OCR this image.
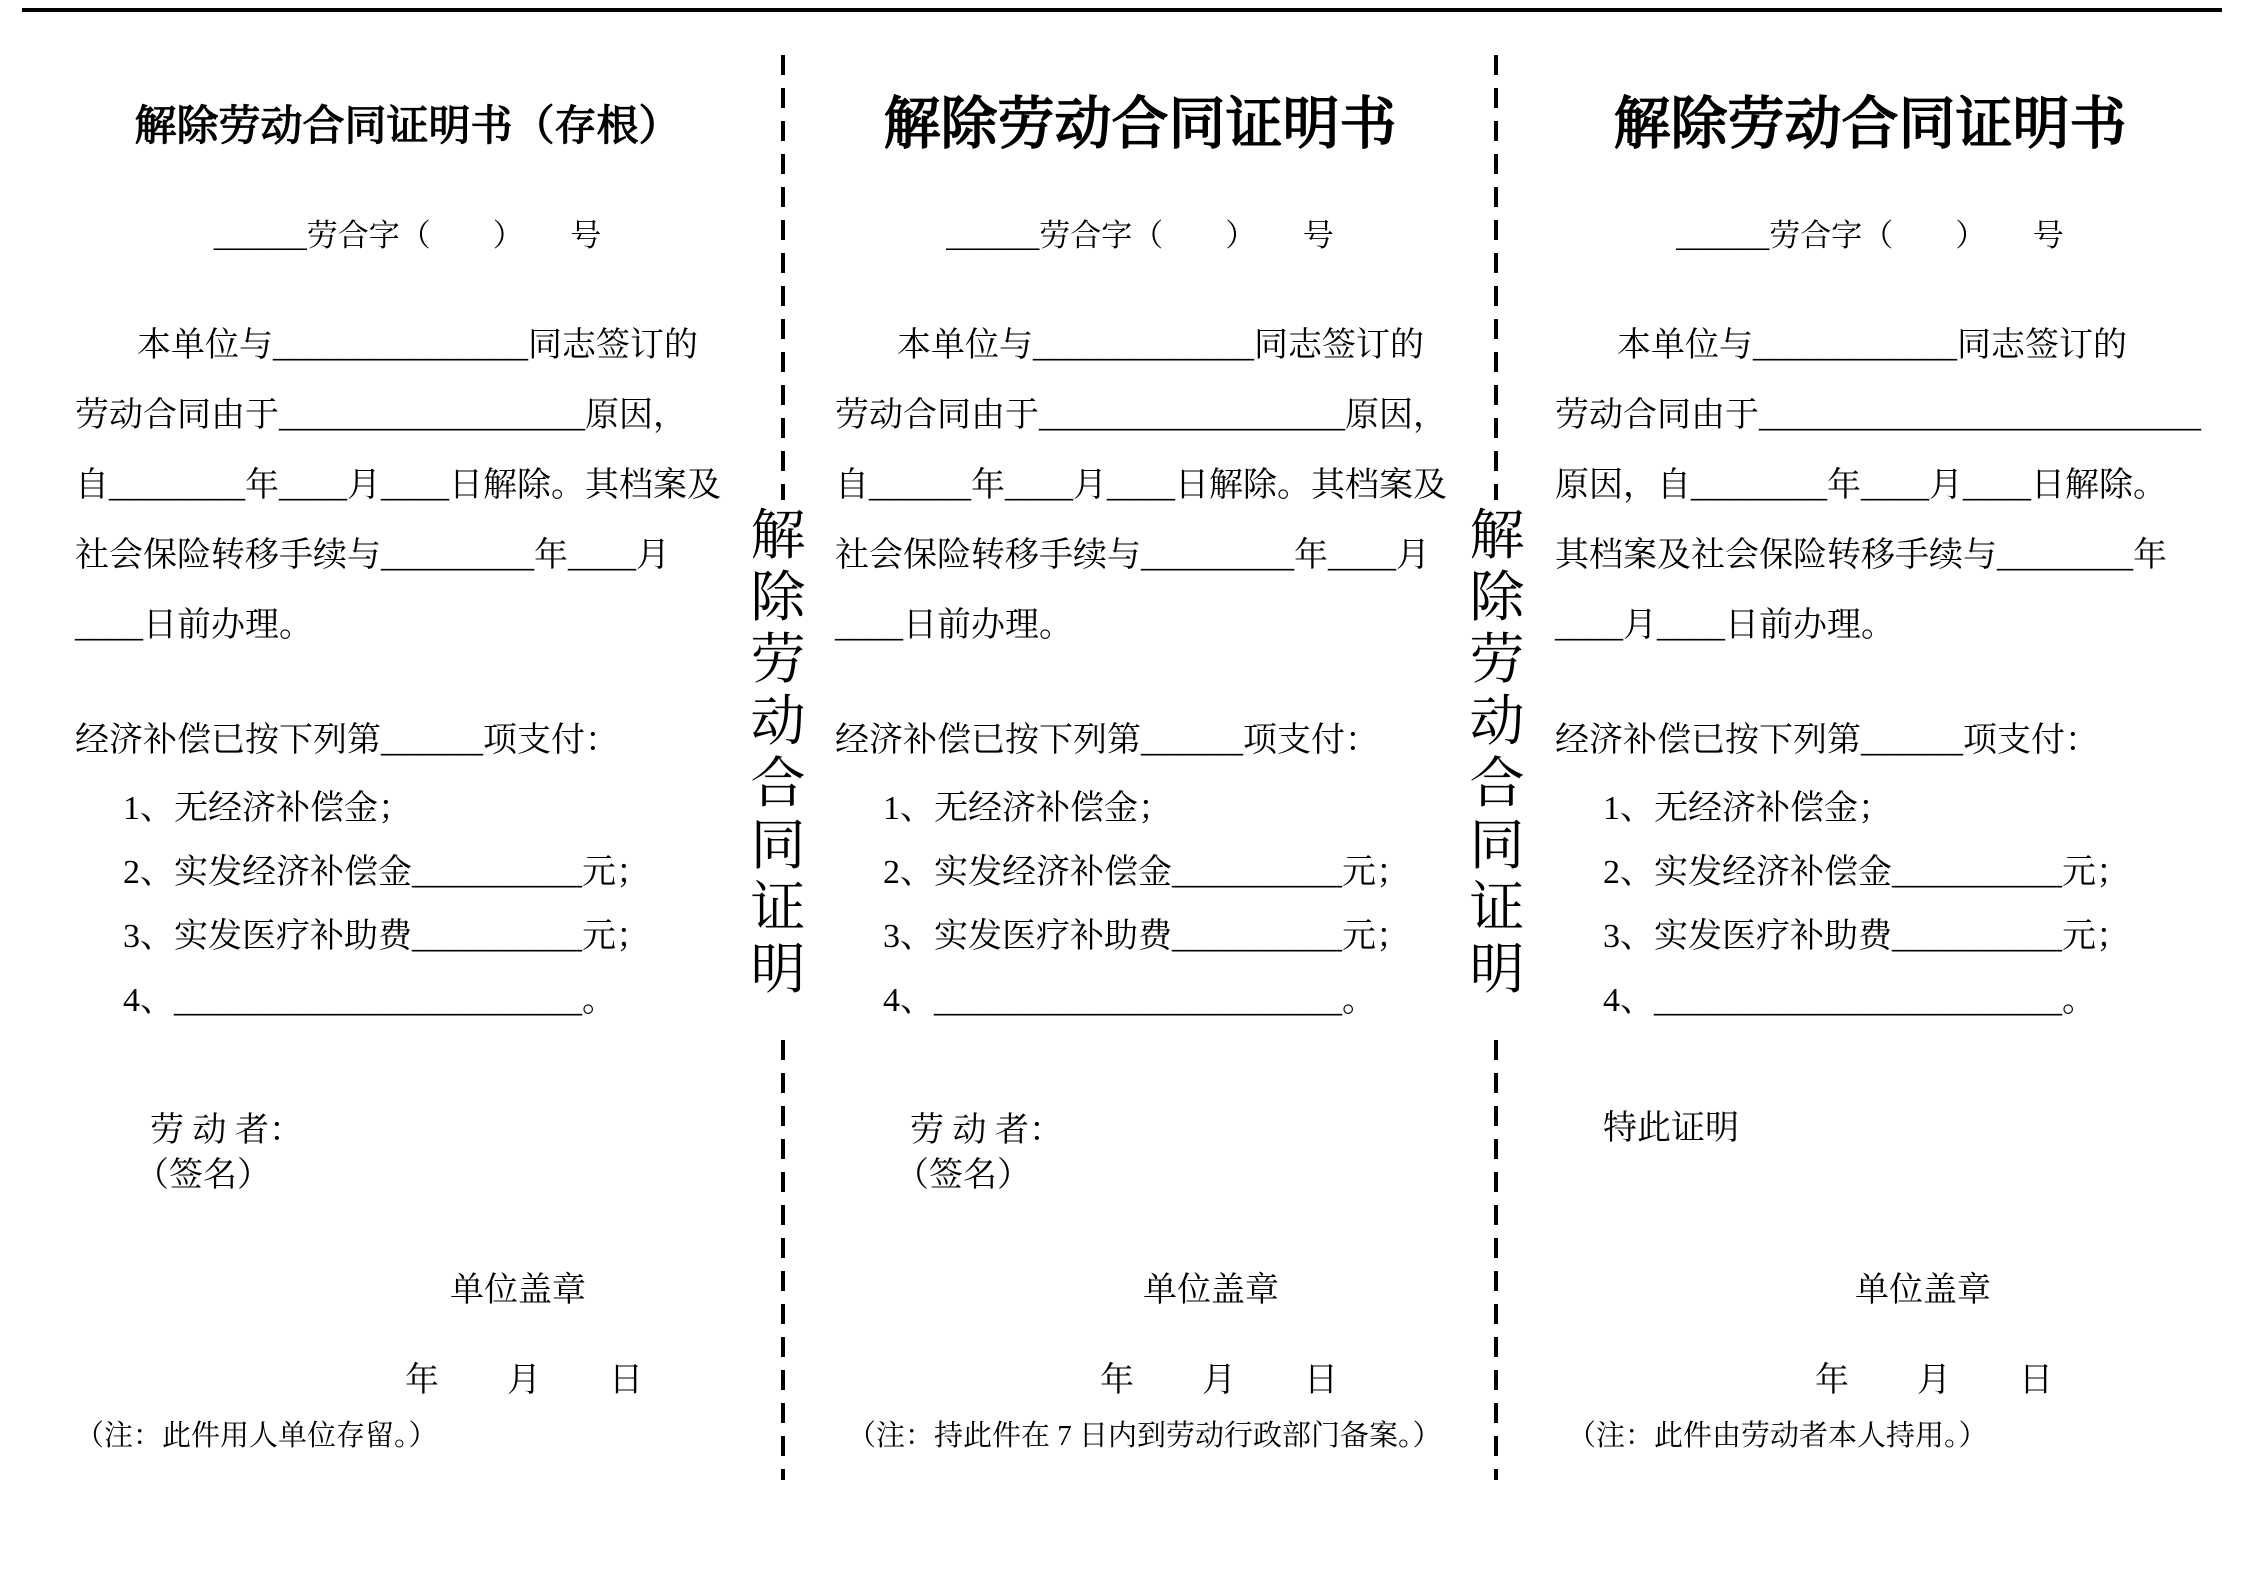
解除劳动合同证明书（存根）
______劳合字（　　）　　号
本单位与_______________同志签订的
劳动合同由于__________________原因，
自________年____月____日解除。其档案及
社会保险转移手续与_________年____月
____日前办理。
经济补偿已按下列第______项支付：
1、无经济补偿金；
2、实发经济补偿金__________元；
3、实发医疗补助费__________元；
4、________________________。
劳 动 者：
（签名）
单位盖章
年　　月　　日
（注：此件用人单位存留。）
解除劳动合同证明
解除劳动合同证明书
______劳合字（　　）　　号
本单位与_____________同志签订的
劳动合同由于__________________原因，
自______年____月____日解除。其档案及
社会保险转移手续与_________年____月
____日前办理。
经济补偿已按下列第______项支付：
1、无经济补偿金；
2、实发经济补偿金__________元；
3、实发医疗补助费__________元；
4、________________________。
劳 动 者：
（签名）
单位盖章
年　　月　　日
（注：持此件在 7 日内到劳动行政部门备案。）
解除劳动合同证明
解除劳动合同证明书
______劳合字（　　）　　号
本单位与____________同志签订的
劳动合同由于__________________________
原因，自________年____月____日解除。
其档案及社会保险转移手续与________年
____月____日前办理。
经济补偿已按下列第______项支付：
1、无经济补偿金；
2、实发经济补偿金__________元；
3、实发医疗补助费__________元；
4、________________________。
特此证明
单位盖章
年　　月　　日
（注：此件由劳动者本人持用。）
